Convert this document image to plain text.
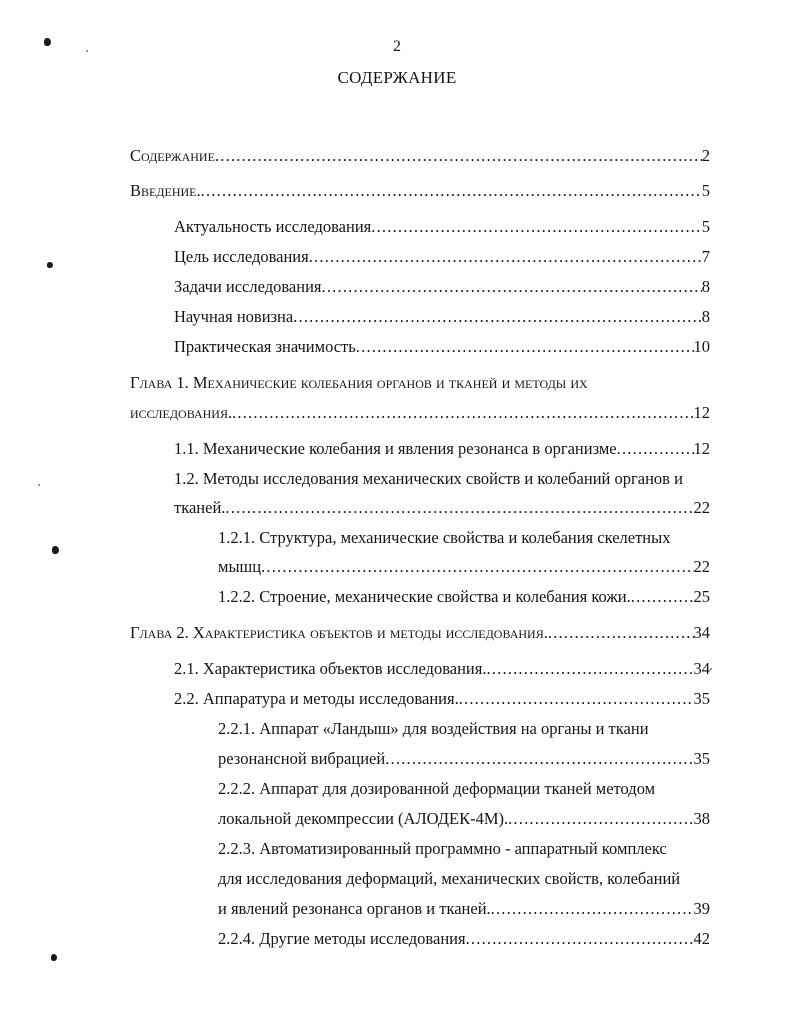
2
СОДЕРЖАНИЕ
Содержание .....	2
Введение. .....	5
Актуальность исследования .....	5
Цель исследования .....	7
Задачи исследования .....	8
Научная новизна .....	8
Практическая значимость .....	10
Глава 1. Механические колебания органов и тканей и методы их
исследования. .....	12
1.1. Механические колебания и явления резонанса в организме .....	12
1.2. Методы исследования механических свойств и колебаний органов и
тканей. .....	22
1.2.1. Структура, механические свойства и колебания скелетных
мышц .....	22
1.2.2. Строение, механические свойства и колебания кожи. .....	25
Глава 2. Характеристика объектов и методы исследования. .....	34
2.1. Характеристика объектов исследования. .....	34
2.2. Аппаратура и методы исследования. .....	35
2.2.1. Аппарат «Ландыш» для воздействия на органы и ткани
резонансной вибрацией .....	35
2.2.2. Аппарат для дозированной деформации тканей методом
локальной декомпрессии (АЛОДЕК-4М). .....	38
2.2.3. Автоматизированный программно - аппаратный комплекс
для исследования деформаций, механических свойств, колебаний
и явлений резонанса органов и тканей. .....	39
2.2.4. Другие методы исследования .....	42
